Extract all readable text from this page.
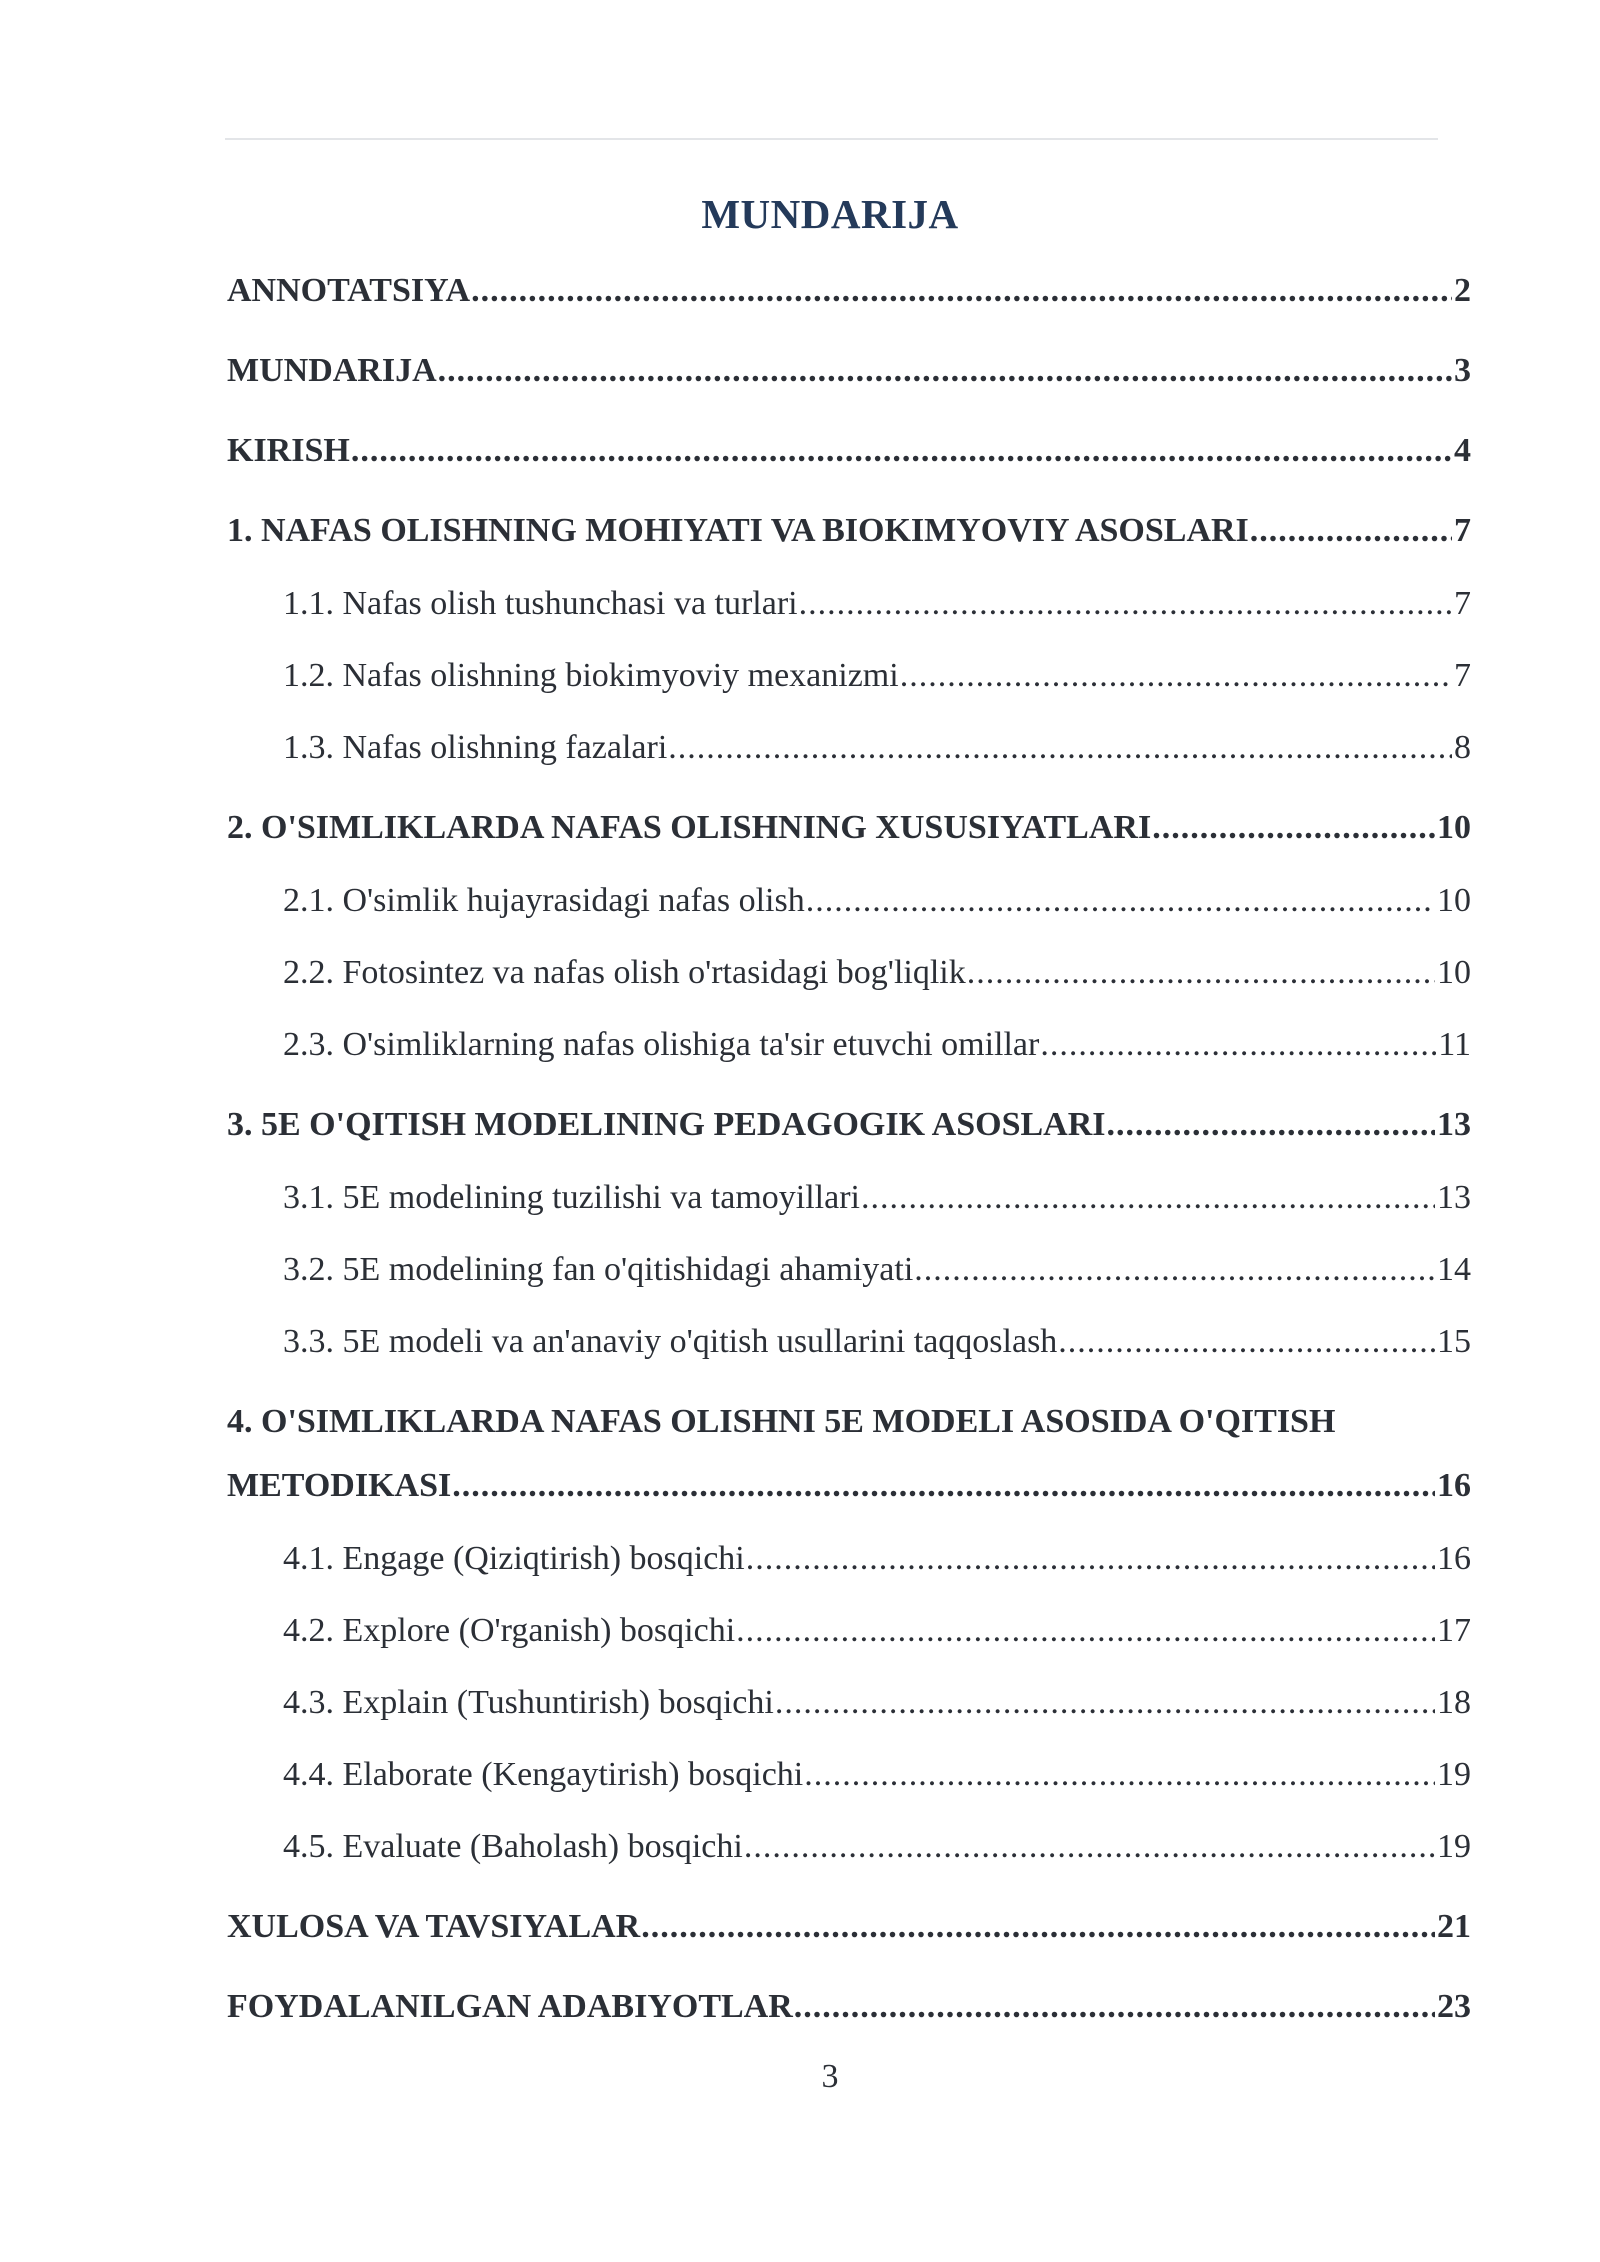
MUNDARIJA
ANNOTATSIYA .....	2
MUNDARIJA .....	3
KIRISH .....	4
1. NAFAS OLISHNING MOHIYATI VA BIOKIMYOVIY ASOSLARI .....	7
1.1. Nafas olish tushunchasi va turlari .....	7
1.2. Nafas olishning biokimyoviy mexanizmi .....	7
1.3. Nafas olishning fazalari .....	8
2. O'SIMLIKLARDA NAFAS OLISHNING XUSUSIYATLARI .....	10
2.1. O'simlik hujayrasidagi nafas olish .....	10
2.2. Fotosintez va nafas olish o'rtasidagi bog'liqlik .....	10
2.3. O'simliklarning nafas olishiga ta'sir etuvchi omillar .....	11
3. 5E O'QITISH MODELINING PEDAGOGIK ASOSLARI .....	13
3.1. 5E modelining tuzilishi va tamoyillari .....	13
3.2. 5E modelining fan o'qitishidagi ahamiyati .....	14
3.3. 5E modeli va an'anaviy o'qitish usullarini taqqoslash .....	15
4. O'SIMLIKLARDA NAFAS OLISHNI 5E MODELI ASOSIDA O'QITISH
METODIKASI .....	16
4.1. Engage (Qiziqtirish) bosqichi .....	16
4.2. Explore (O'rganish) bosqichi .....	17
4.3. Explain (Tushuntirish) bosqichi .....	18
4.4. Elaborate (Kengaytirish) bosqichi .....	19
4.5. Evaluate (Baholash) bosqichi .....	19
XULOSA VA TAVSIYALAR .....	21
FOYDALANILGAN ADABIYOTLAR .....	23
3
